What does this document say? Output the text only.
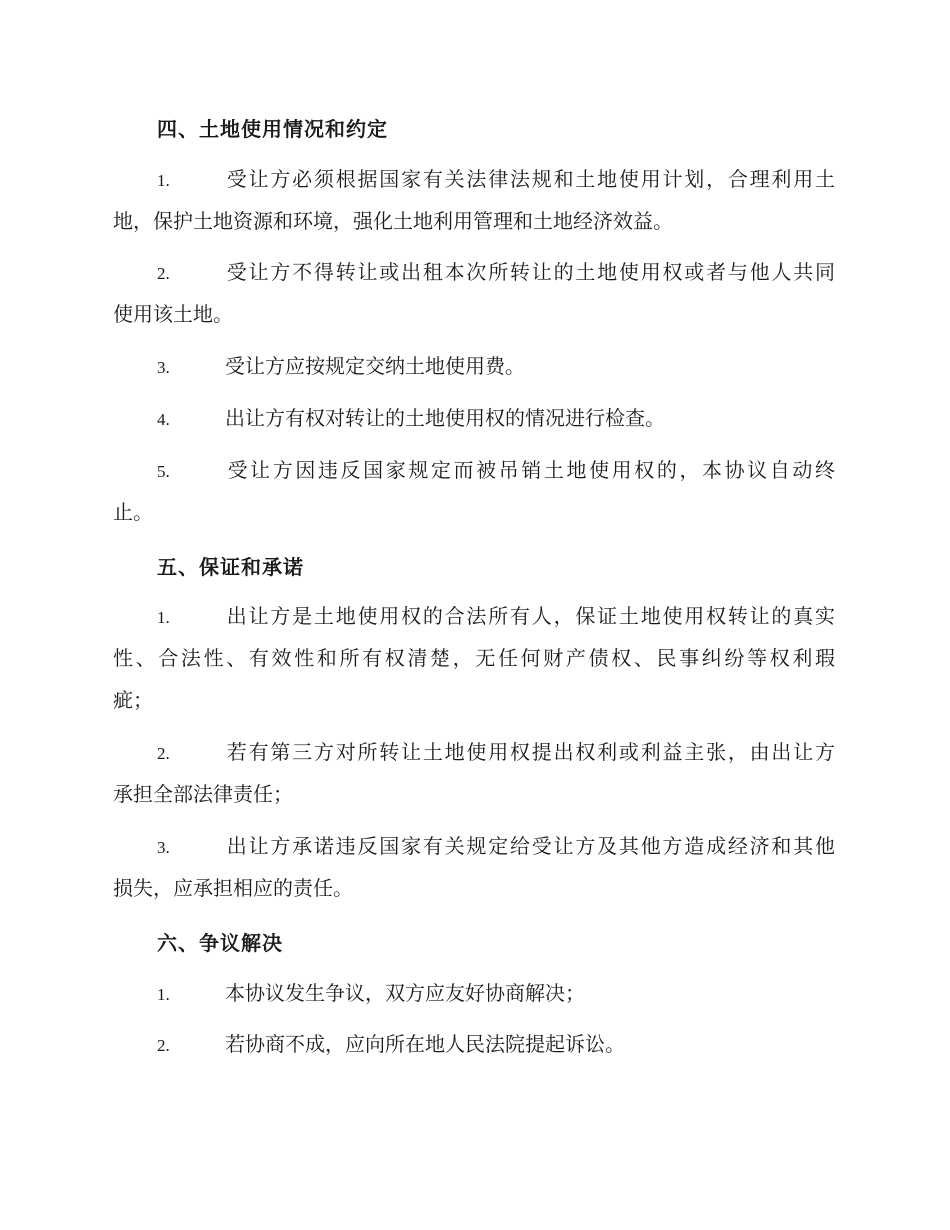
四、土地使用情况和约定
1.	受让方必须根据国家有关法律法规和土地使用计划，合理利用土
地，保护土地资源和环境，强化土地利用管理和土地经济效益。
2.	受让方不得转让或出租本次所转让的土地使用权或者与他人共同
使用该土地。
3.	受让方应按规定交纳土地使用费。
4.	出让方有权对转让的土地使用权的情况进行检查。
5.	受让方因违反国家规定而被吊销土地使用权的，本协议自动终
止。
五、保证和承诺
1.	出让方是土地使用权的合法所有人，保证土地使用权转让的真实
性、合法性、有效性和所有权清楚，无任何财产债权、民事纠纷等权利瑕
疵；
2.	若有第三方对所转让土地使用权提出权利或利益主张，由出让方
承担全部法律责任；
3.	出让方承诺违反国家有关规定给受让方及其他方造成经济和其他
损失，应承担相应的责任。
六、争议解决
1.	本协议发生争议，双方应友好协商解决；
2.	若协商不成，应向所在地人民法院提起诉讼。
